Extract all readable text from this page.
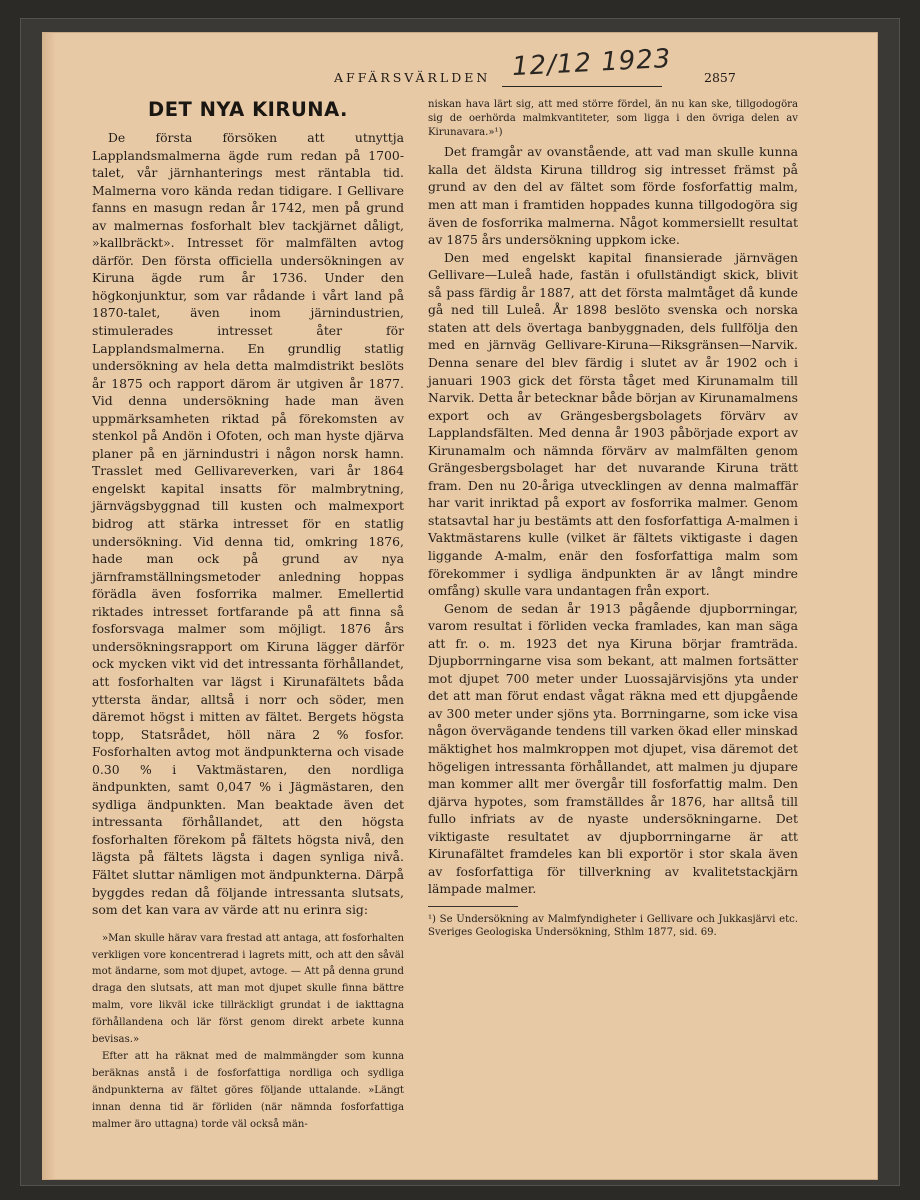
AFFÄRSVÄRLDEN 12/12 1923	2857
DET NYA KIRUNA.

De första försöken att utnyttja Lapplandsmalmerna ägde rum redan på 1700-talet, vår järnhanterings mest räntabla tid. Malmerna voro kända redan tidigare. I Gellivare fanns en masugn redan år 1742, men på grund av malmernas fosforhalt blev tackjärnet dåligt, »kallbräckt». Intresset för malmfälten avtog därför. Den första officiella undersökningen av Kiruna ägde rum år 1736. Under den högkonjunktur, som var rådande i vårt land på 1870-talet, även inom järnindustrien, stimulerades intresset åter för Lapplandsmalmerna. En grundlig statlig undersökning av hela detta malmdistrikt beslöts år 1875 och rapport därom är utgiven år 1877. Vid denna undersökning hade man även uppmärksamheten riktad på förekomsten av stenkol på Andön i Ofoten, och man hyste djärva planer på en järnindustri i någon norsk hamn. Trasslet med Gellivareverken, vari år 1864 engelskt kapital insatts för malmbrytning, järnvägsbyggnad till kusten och malmexport bidrog att stärka intresset för en statlig undersökning. Vid denna tid, omkring 1876, hade man ock på grund av nya järnframställningsmetoder anledning hoppas förädla även fosforrika malmer. Emellertid riktades intresset fortfarande på att finna så fosforsvaga malmer som möjligt. 1876 års undersökningsrapport om Kiruna lägger därför ock mycken vikt vid det intressanta förhållandet, att fosforhalten var lägst i Kirunafältets båda yttersta ändar, alltså i norr och söder, men däremot högst i mitten av fältet. Bergets högsta topp, Statsrådet, höll nära 2 % fosfor. Fosforhalten avtog mot ändpunkterna och visade 0.30 % i Vaktmästaren, den nordliga ändpunkten, samt 0,047 % i Jägmästaren, den sydliga ändpunkten. Man beaktade även det intressanta förhållandet, att den högsta fosforhalten förekom på fältets högsta nivå, den lägsta på fältets lägsta i dagen synliga nivå. Fältet sluttar nämligen mot ändpunkterna. Därpå byggdes redan då följande intressanta slutsats, som det kan vara av värde att nu erinra sig:

»Man skulle härav vara frestad att antaga, att fosforhalten verkligen vore koncentrerad i lagrets mitt, och att den såväl mot ändarne, som mot djupet, avtoge. — Att på denna grund draga den slutsats, att man mot djupet skulle finna bättre malm, vore likväl icke tillräckligt grundat i de iakttagna förhållandena och lär först genom direkt arbete kunna bevisas.»

Efter att ha räknat med de malmmängder som kunna beräknas anstå i de fosforfattiga nordliga och sydliga ändpunkterna av fältet göres följande uttalande. »Längt innan denna tid är förliden (när nämnda fosforfattiga malmer äro uttagna) torde väl också män-

niskan hava lärt sig, att med större fördel, än nu kan ske, tillgodogöra sig de oerhörda malmkvantiteter, som ligga i den övriga delen av Kirunavara.»¹)

Det framgår av ovanstående, att vad man skulle kunna kalla det äldsta Kiruna tilldrog sig intresset främst på grund av den del av fältet som förde fosforfattig malm, men att man i framtiden hoppades kunna tillgodogöra sig även de fosforrika malmerna. Något kommersiellt resultat av 1875 års undersökning uppkom icke.

Den med engelskt kapital finansierade järnvägen Gellivare—Luleå hade, fastän i ofullständigt skick, blivit så pass färdig år 1887, att det första malmtåget då kunde gå ned till Luleå. År 1898 beslöto svenska och norska staten att dels övertaga banbyggnaden, dels fullfölja den med en järnväg Gellivare-Kiruna—Riksgränsen—Narvik. Denna senare del blev färdig i slutet av år 1902 och i januari 1903 gick det första tåget med Kirunamalm till Narvik. Detta år betecknar både början av Kirunamalmens export och av Grängesbergsbolagets förvärv av Lapplandsfälten. Med denna år 1903 påbörjade export av Kirunamalm och nämnda förvärv av malmfälten genom Grängesbergsbolaget har det nuvarande Kiruna trätt fram. Den nu 20-åriga utvecklingen av denna malmaffär har varit inriktad på export av fosforrika malmer. Genom statsavtal har ju bestämts att den fosforfattiga A-malmen i Vaktmästarens kulle (vilket är fältets viktigaste i dagen liggande A-malm, enär den fosforfattiga malm som förekommer i sydliga ändpunkten är av långt mindre omfång) skulle vara undantagen från export.

Genom de sedan år 1913 pågående djupborrningar, varom resultat i förliden vecka framlades, kan man säga att fr. o. m. 1923 det nya Kiruna börjar framträda. Djupborrningarne visa som bekant, att malmen fortsätter mot djupet 700 meter under Luossajärvisjöns yta under det att man förut endast vågat räkna med ett djupgående av 300 meter under sjöns yta. Borrningarne, som icke visa någon övervägande tendens till varken ökad eller minskad mäktighet hos malmkroppen mot djupet, visa däremot det högeligen intressanta förhållandet, att malmen ju djupare man kommer allt mer övergår till fosforfattig malm. Den djärva hypotes, som framställdes år 1876, har alltså till fullo infriats av de nyaste undersökningarne. Det viktigaste resultatet av djupborrningarne är att Kirunafältet framdeles kan bli exportör i stor skala även av fosforfattiga för tillverkning av kvalitetstackjärn lämpade malmer.

¹) Se Undersökning av Malmfyndigheter i Gellivare och Jukkasjärvi etc. Sveriges Geologiska Undersökning, Sthlm 1877, sid. 69.
